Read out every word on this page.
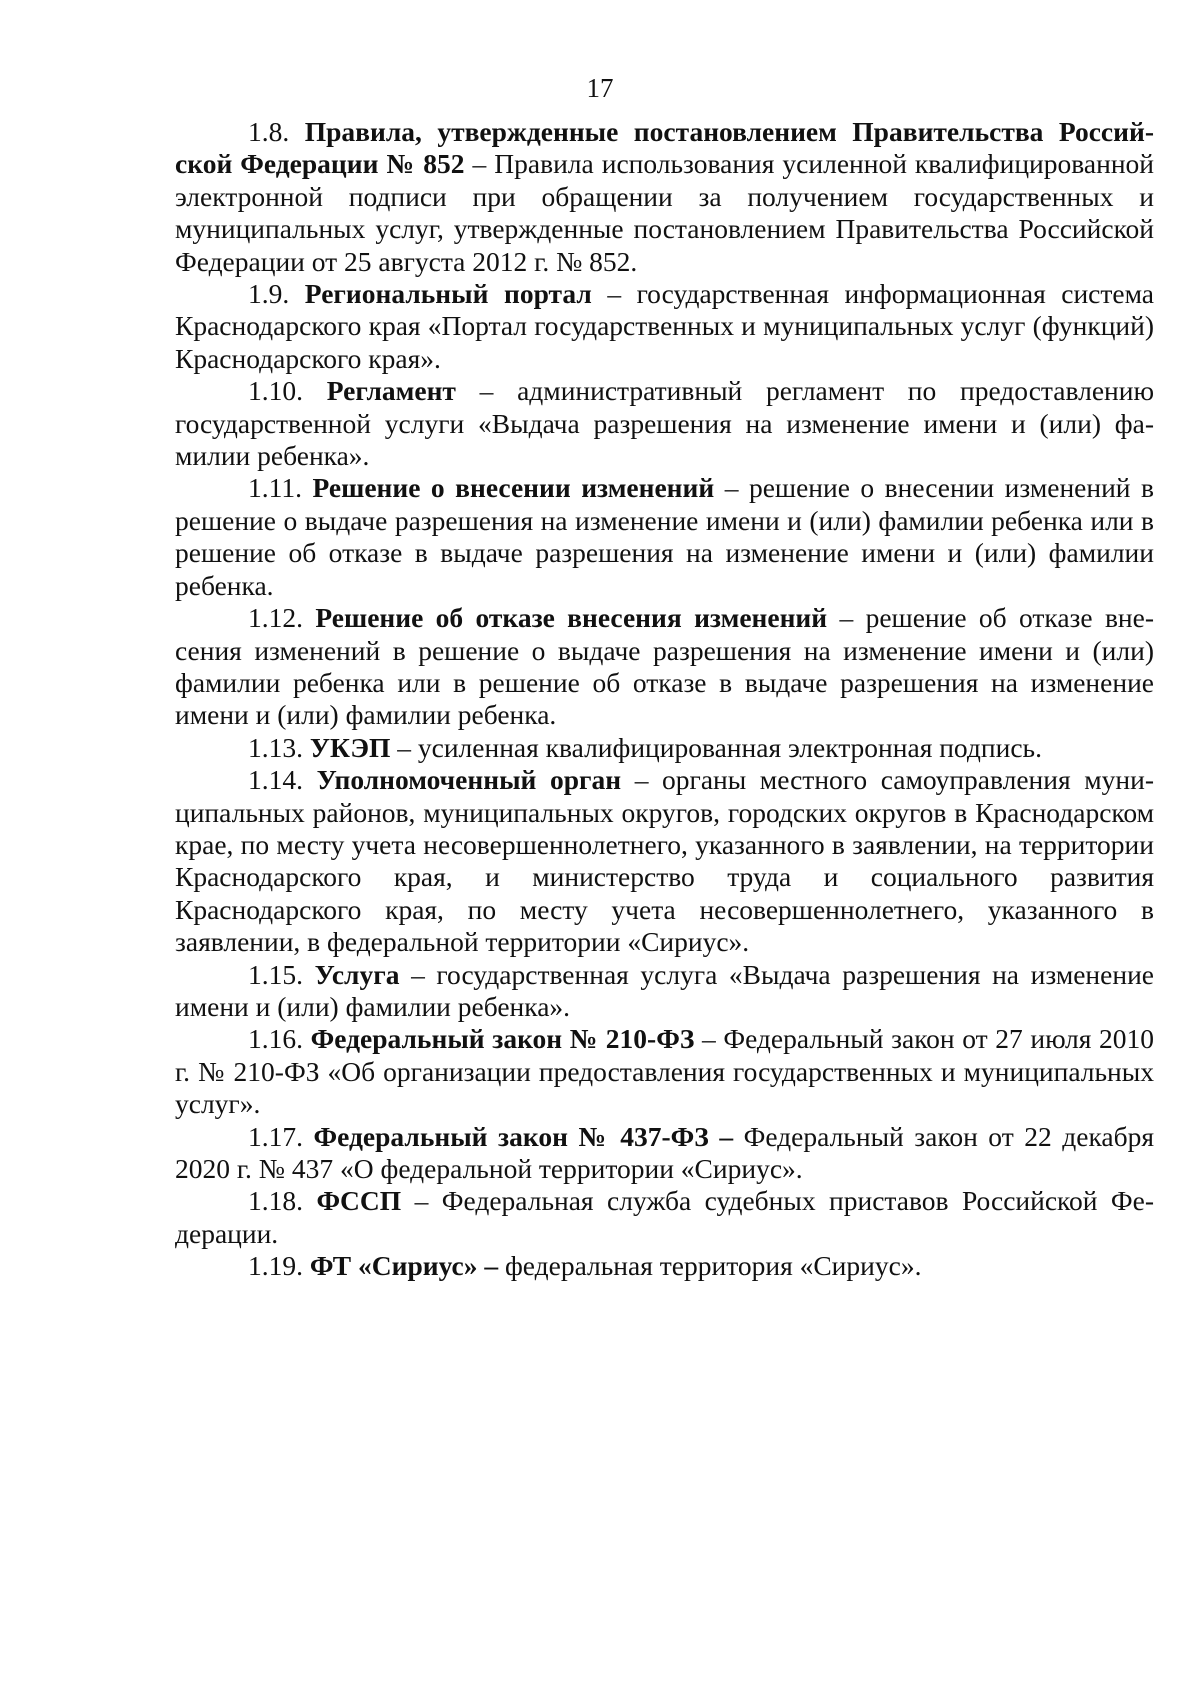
17

1.8. Правила, утвержденные постановлением Правительства Российской Федерации № 852 – Правила использования усиленной квалифицированной электронной подписи при обращении за получением государственных и муниципальных услуг, утвержденные постановлением Правительства Российской Федерации от 25 августа 2012 г. № 852.

1.9. Региональный портал – государственная информационная система Краснодарского края «Портал государственных и муниципальных услуг (функций) Краснодарского края».

1.10. Регламент – административный регламент по предоставлению государственной услуги «Выдача разрешения на изменение имени и (или) фамилии ребенка».

1.11. Решение о внесении изменений – решение о внесении изменений в решение о выдаче разрешения на изменение имени и (или) фамилии ребенка или в решение об отказе в выдаче разрешения на изменение имени и (или) фамилии ребенка.

1.12. Решение об отказе внесения изменений – решение об отказе внесения изменений в решение о выдаче разрешения на изменение имени и (или) фамилии ребенка или в решение об отказе в выдаче разрешения на изменение имени и (или) фамилии ребенка.

1.13. УКЭП – усиленная квалифицированная электронная подпись.

1.14. Уполномоченный орган – органы местного самоуправления муниципальных районов, муниципальных округов, городских округов в Краснодарском крае, по месту учета несовершеннолетнего, указанного в заявлении, на территории Краснодарского края, и министерство труда и социального развития Краснодарского края, по месту учета несовершеннолетнего, указанного в заявлении, в федеральной территории «Сириус».

1.15. Услуга – государственная услуга «Выдача разрешения на изменение имени и (или) фамилии ребенка».

1.16. Федеральный закон № 210-ФЗ – Федеральный закон от 27 июля 2010 г. № 210-ФЗ «Об организации предоставления государственных и муниципальных услуг».

1.17. Федеральный закон № 437-ФЗ – Федеральный закон от 22 декабря 2020 г. № 437 «О федеральной территории «Сириус».

1.18. ФССП – Федеральная служба судебных приставов Российской Федерации.

1.19. ФТ «Сириус» – федеральная территория «Сириус».
